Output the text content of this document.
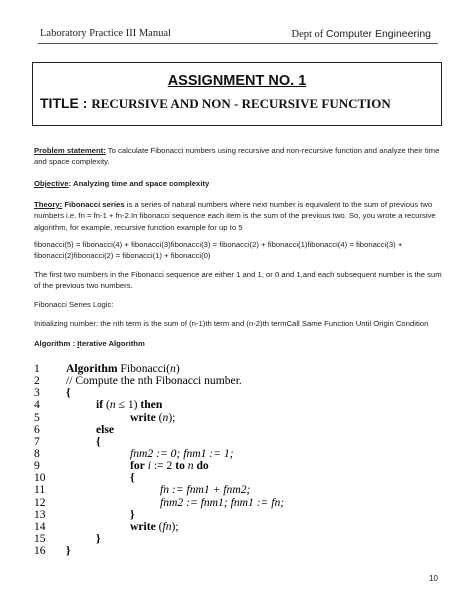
Laboratory Practice III Manual	Dept of Computer Engineering
ASSIGNMENT NO. 1
TITLE : RECURSIVE AND NON - RECURSIVE FUNCTION
Problem statement: To calculate Fibonacci numbers using recursive and non-recursive function and analyze their time and space complexity.
Objective: Analyzing time and space complexity
Theory: Fibonacci series is a series of natural numbers where next number is equivalent to the sum of previous two numbers i.e. fn = fn-1 + fn-2.In fibonacci sequence each item is the sum of the previous two. So, you wrote a recursive algorithm, for example, recursive function example for up to 5
fibonacci(5) = fibonacci(4) + fibonacci(3)fibonacci(3) = fibonacci(2) + fibonacci(1)fibonacci(4) = fibonacci(3) + fibonacci(2)fibonacci(2) = fibonacci(1) + fibonacci(0)
The first two numbers in the Fibonacci sequence are either 1 and 1, or 0 and 1,and each subsequent number is the sum of the previous two numbers.
Fibonacci Series Logic:
Initializing number: the nth term is the sum of (n-1)th term and (n-2)th termCall Same Function Until Origin Condition
Algorithm : Iterative Algorithm
1	Algorithm Fibonacci(n)
2	// Compute the nth Fibonacci number.
3	{
4	if (n ≤ 1) then
5	write (n);
6	else
7	{
8	fnm2 := 0; fnm1 := 1;
9	for i := 2 to n do
10	{
11	fn := fnm1 + fnm2;
12	fnm2 := fnm1; fnm1 := fn;
13	}
14	write (fn);
15	}
16	}
10
